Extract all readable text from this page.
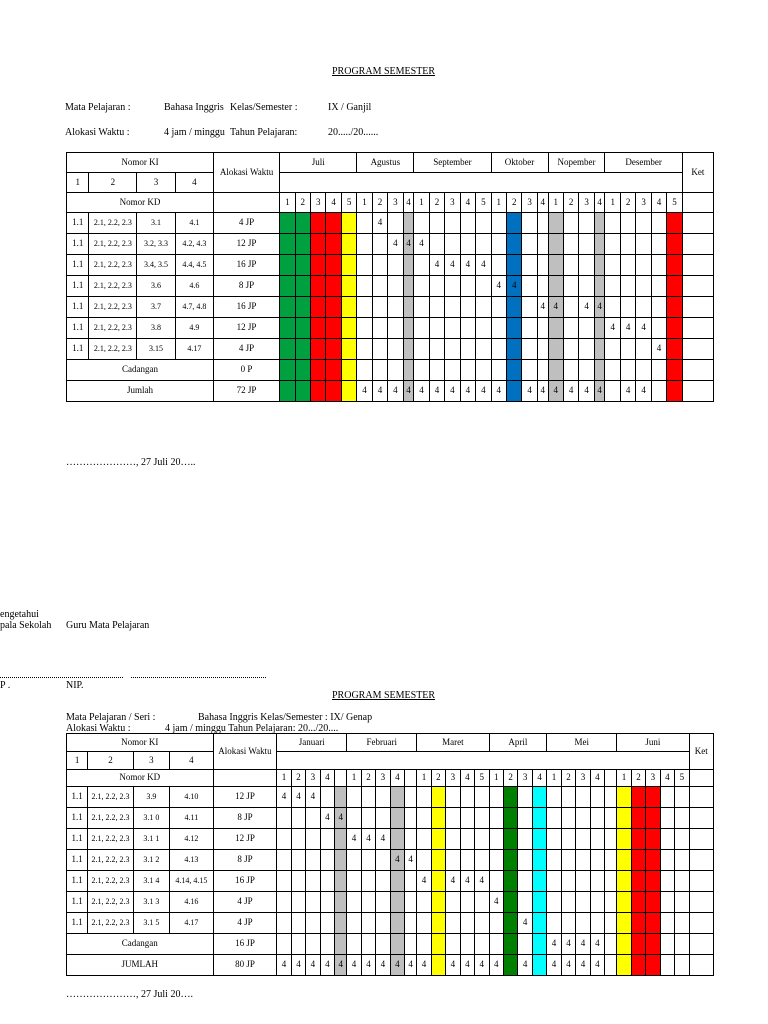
PROGRAM SEMESTER
Mata Pelajaran :	Bahasa Inggris Kelas/Semester :	IX / Ganjil
Alokasi Waktu :	4 jam / minggu Tahun Pelajaran:	20...../20......
Nomor KI				Alokasi Waktu	Juli					Agustus				September					Oktober				Nopember				Desember					Ket
1	2	3	4																													
Nomor KD					1	2	3	4	5	1	2	3	4	1	2	3	4	5	1	2	3	4	1	2	3	4	1	2	3	4	5	
1.1	2.1, 2.2, 2.3	3.1	4.1	4 JP							4																					
1.1	2.1, 2.2, 2.3	3.2, 3.3	4.2, 4.3	12 JP								4	4	4																		
1.1	2.1, 2.2, 2.3	3.4, 3.5	4.4, 4.5	16 JP											4	4	4	4														
1.1	2.1, 2.2, 2.3	3.6	4.6	8 JP															4	4												
1.1	2.1, 2.2, 2.3	3.7	4.7, 4.8	16 JP																		4	4		4	4						
1.1	2.1, 2.2, 2.3	3.8	4.9	12 JP																							4	4	4			
1.1	2.1, 2.2, 2.3	3.15	4.17	4 JP																										4		
Cadangan				0 P																												
Jumlah				72 JP						4	4	4	4	4	4	4	4	4	4		4	4	4	4	4	4		4	4			
…………………, 27 Juli 20…..
engetahui
pala Sekolah Guru Mata Pelajaran
P .	NIP.
PROGRAM SEMESTER
Mata Pelajaran / Seri :	Bahasa Inggris Kelas/Semester : IX/ Genap
Alokasi Waktu :	4 jam / minggu Tahun Pelajaran: 20.../20....
Nomor KI				Alokasi Waktu	Januari					Februari					Maret					April				Mei					Juni					Ket
1	2	3	4																															
Nomor KD					1	2	3	4		1	2	3	4		1	2	3	4	5	1	2	3	4	1	2	3	4		1	2	3	4	5	
1.1	2.1, 2.2, 2.3	3.9	4.10	12 JP	4	4	4																											
1.1	2.1, 2.2, 2.3	3.1 0	4.11	8 JP				4	4																									
1.1	2.1, 2.2, 2.3	3.1 1	4.12	12 JP						4	4	4																						
1.1	2.1, 2.2, 2.3	3.1 2	4.13	8 JP									4	4																				
1.1	2.1, 2.2, 2.3	3.1 4	4.14, 4.15	16 JP											4		4	4	4															
1.1	2.1, 2.2, 2.3	3.1 3	4.16	4 JP																4														
1.1	2.1, 2.2, 2.3	3.1 5	4.17	4 JP																		4												
Cadangan				16 JP																				4	4	4	4							
JUMLAH				80 JP	4	4	4	4	4	4	4	4	4	4	4		4	4	4	4		4		4	4	4	4							
…………………, 27 Juli 20….
